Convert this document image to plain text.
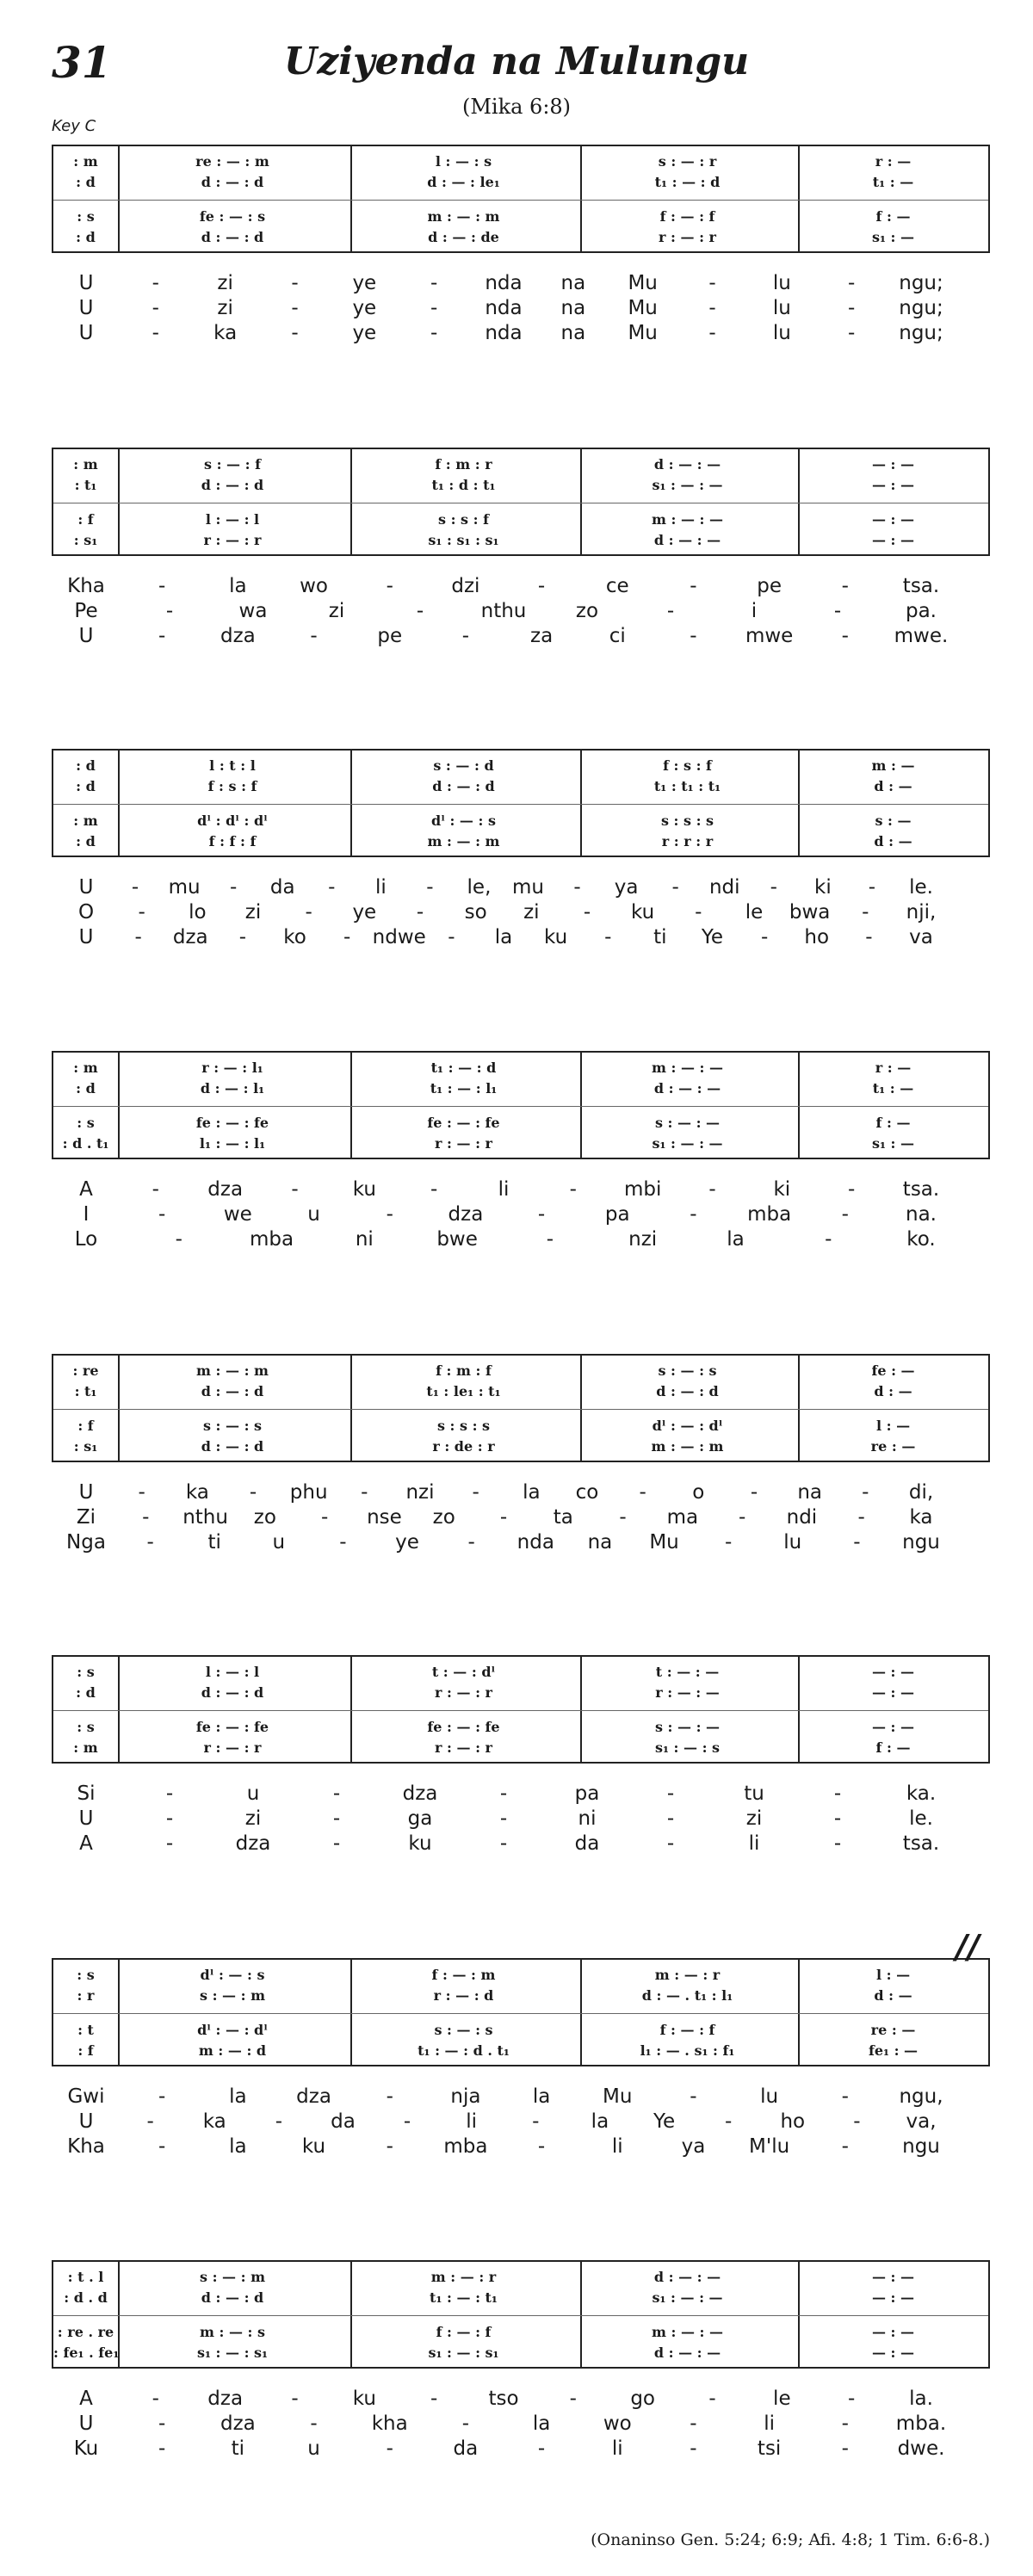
31	Uziyenda na Mulungu
(Mika 6:8)
Key C
: m	re : — : m	l : — : s	s : — : r	r : —
: d	d : — : d	d : — : le₁	t₁ : — : d	t₁ : —
: s	fe : — : s	m : — : m	f : — : f	f : —
: d	d : — : d	d : — : de	r : — : r	s₁ : —
U	-	zi	-	ye	- nda na Mu	-	lu	- ngu;
U	-	zi	-	ye	- nda na Mu	-	lu	- ngu;
U	-	ka	-	ye	- nda na Mu	-	lu	- ngu;
: m	s : — : f	f : m : r	d : — : —	— : —
: t₁	d : — : d	t₁ : d : t₁	s₁ : — : —	— : —
: f	l : — : l	s : s : f	m : — : —	— : —
: s₁	r : — : r	s₁ : s₁ : s₁	d : — : —	— : —
Kha	-	la	wo	-	dzi	-	ce	-	pe	-	tsa.
Pe	-	wa	zi	-	nthu	zo	-	i	-	pa.
U	-	dza	-	pe	-	za	ci	- mwe - mwe.
: d	l : t : l	s : — : d	f : s : f	m : —
: d	f : s : f	d : — : d	t₁ : t₁ : t₁	d : —
: m	dˡ : dˡ : dˡ	dˡ : — : s	s : s : s	s : —
: d	f : f : f	m : — : m	r : r : r	d : —
U - mu - da - li - le, mu - ya - ndi - ki - le.
O - lo zi - ye - so zi - ku - le bwa - nji,
U - dza - ko - ndwe - la ku - ti Ye - ho - va
: m	r : — : l₁	t₁ : — : d	m : — : —	r : —
: d	d : — : l₁	t₁ : — : l₁	d : — : —	t₁ : —
: s	fe : — : fe	fe : — : fe	s : — : —	f : —
: d . t₁	l₁ : — : l₁	r : — : r	s₁ : — : —	s₁ : —
A	- dza -	ku	-	li	- mbi -	ki	- tsa.
I	-	we	u	-	dza	-	pa	-	mba	-	na.
Lo	-	mba	ni	bwe	-	nzi	la	-	ko.
: re	m : — : m	f : m : f	s : — : s	fe : —
: t₁	d : — : d	t₁ : le₁ : t₁	d : — : d	d : —
: f	s : — : s	s : s : s	dˡ : — : dˡ	l : —
: s₁	d : — : d	r : de : r	m : — : m	re : —
U - ka - phu - nzi - la co - o - na - di,
Zi - nthu zo - nse zo - ta - ma - ndi - ka
Nga -	ti	u	- ye - nda na Mu -	lu	- ngu
: s	l : — : l	t : — : dˡ	t : — : —	— : —
: d	d : — : d	r : — : r	r : — : —	— : —
: s	fe : — : fe	fe : — : fe	s : — : —	— : —
: m	r : — : r	r : — : r	s₁ : — : s	f : —
Si	-	u	-	dza	-	pa	-	tu	-	ka.
U	-	zi	-	ga	-	ni	-	zi	-	le.
A	-	dza	-	ku	-	da	-	li	-	tsa.
: s	dˡ : — : s	f : — : m	m : — : r	l : —
: r	s : — : m	r : — : d	d : — . t₁ : l₁	d : —
: t	dˡ : — : dˡ	s : — : s	f : — : f	re : —
: f	m : — : d	t₁ : — : d . t₁	l₁ : — . s₁ : f₁	fe₁ : —
Gwi	-	la	dza	-	nja	la	Mu	-	lu	-	ngu,
U	- ka - da -	li	-	la Ye	- ho - va,
Kha	-	la	ku	-	mba	-	li	ya M'lu	-	ngu
: t . l	s : — : m	m : — : r	d : — : —	— : —
: d . d	d : — : d	t₁ : — : t₁	s₁ : — : —	— : —
: re . re	m : — : s	f : — : f	m : — : —	— : —
: fe₁ . fe₁	s₁ : — : s₁	s₁ : — : s₁	d : — : —	— : —
A	- dza -	ku	-	tso	-	go	-	le	-	la.
U	-	dza	-	kha	-	la	wo	-	li	- mba.
Ku	-	ti	u	-	da	-	li	-	tsi	- dwe.
//
(Onaninso Gen. 5:24; 6:9; Afi. 4:8; 1 Tim. 6:6-8.)
